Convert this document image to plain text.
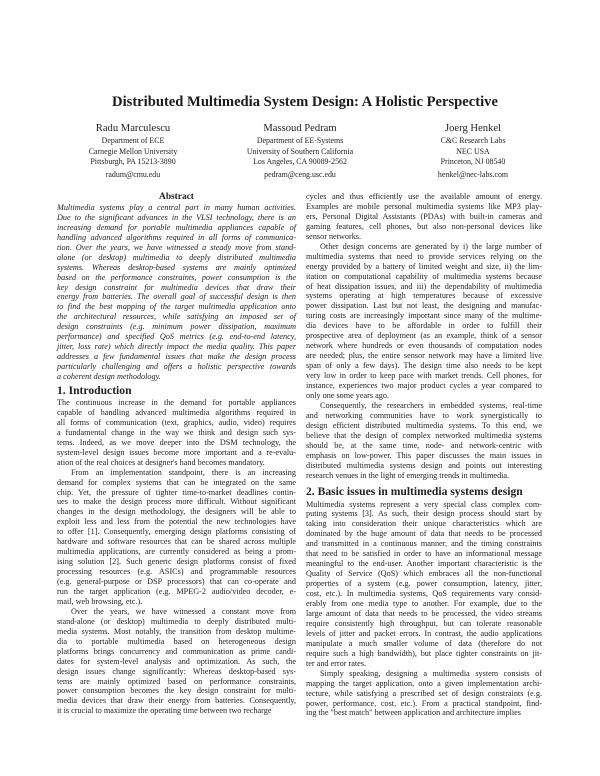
Distributed Multimedia System Design: A Holistic Perspective
Radu Marculescu
Department of ECE
Carnegie Mellon University
Pittsburgh, PA 15213-3890
radum@cmu.edu
Massoud Pedram
Department of EE-Systems
University of Southern California
Los Angeles, CA 90089-2562
pedram@ceng.usc.edu
Joerg Henkel
C&C Research Labs
NEC USA
Princeton, NJ 08540
henkel@nec-labs.com
Abstract
Multimedia systems play a central part in many human activities.
Due to the significant advances in the VLSI technology, there is an
increasing demand for portable multimedia appliances capable of
handling advanced algorithms required in all forms of communica-
tion. Over the years, we have witnessed a steady move from stand-
alone (or desktop) multimedia to deeply distributed multimedia
systems. Whereas desktop-based systems are mainly optimized
based on the performance constraints, power consumption is the
key design constraint for multimedia devices that draw their
energy from batteries. The overall goal of successful design is then
to find the best mapping of the target multimedia application onto
the architectural resources, while satisfying an imposed set of
design constraints (e.g. minimum power dissipation, maximum
performance) and specified QoS metrics (e.g. end-to-end latency,
jitter, loss rate) which directly impact the media quality. This paper
addresses a few fundamental issues that make the design process
particularly challenging and offers a holistic perspective towards
a coherent design methodology.
1. Introduction
The continuous increase in the demand for portable appliances
capable of handling advanced multimedia algorithms required in
all forms of communication (text, graphics, audio, video) requires
a fundamental change in the way we think and design such sys-
tems. Indeed, as we move deeper into the DSM technology, the
system-level design issues become more important and a re-evalu-
ation of the real choices at designer's hand becomes mandatory.
From an implementation standpoint, there is an increasing
demand for complex systems that can be integrated on the same
chip. Yet, the pressure of tighter time-to-market deadlines contin-
ues to make the design process more difficult. Without significant
changes in the design methodology, the designers will be able to
exploit less and less from the potential the new technologies have
to offer [1]. Consequently, emerging design platforms consisting of
hardware and software resources that can be shared across multiple
multimedia applications, are currently considered as being a prom-
ising solution [2]. Such generic design platforms consist of fixed
processing resources (e.g. ASICs) and programmable resources
(e.g. general-purpose or DSP processors) that can co-operate and
run the target application (e.g. MPEG-2 audio/video decoder, e-
mail, web browsing, etc.).
Over the years, we have witnessed a constant move from
stand-alone (or desktop) multimedia to deeply distributed multi-
media systems. Most notably, the transition from desktop multime-
dia to portable multimedia based on heterogeneous design
platforms brings concurrency and communication as prime candi-
dates for system-level analysis and optimization. As such, the
design issues change significantly: Whereas desktop-based sys-
tems are mainly optimized based on performance constraints,
power consumption becomes the key design constraint for multi-
media devices that draw their energy from batteries. Consequently,
it is crucial to maximize the operating time between two recharge
cycles and thus efficiently use the available amount of energy.
Examples are mobile personal multimedia systems like MP3 play-
ers, Personal Digital Assistants (PDAs) with built-in cameras and
gaming features, cell phones, but also non-personal devices like
sensor networks.
Other design concerns are generated by i) the large number of
multimedia systems that need to provide services relying on the
energy provided by a battery of limited weight and size, ii) the lim-
itation on computational capability of multimedia systems because
of heat dissipation issues, and iii) the dependability of multimedia
systems operating at high temperatures because of excessive
power dissipation. Last but not least, the designing and manufac-
turing costs are increasingly important since many of the multime-
dia devices have to be affordable in order to fulfill their
prospective area of deployment (as an example, think of a sensor
network where hundreds or even thousands of computation nodes
are needed; plus, the entire sensor network may have a limited live
span of only a few days). The design time also needs to be kept
very low in order to keep pace with market trends. Cell phones, for
instance, experiences two major product cycles a year compared to
only one some years ago.
Consequently, the researchers in embedded systems, real-time
and networking communities have to work synergistically to
design efficient distributed multimedia systems. To this end, we
believe that the design of complex networked multimedia systems
should be, at the same time, node- and network-centric with
emphasis on low-power. This paper discusses the main issues in
distributed multimedia systems design and points out interesting
research venues in the light of emerging trends in multimedia.
2. Basic issues in multimedia systems design
Multimedia systems represent a very special class complex com-
puting systems [3]. As such, their design process should start by
taking into consideration their unique characteristics which are
dominated by the huge amount of data that needs to be processed
and transmitted in a continuous manner, and the timing constraints
that need to be satisfied in order to have an informational message
meaningful to the end-user. Another important characteristic is the
Quality of Service (QoS) which embraces all the non-functional
properties of a system (e.g. power consumption, latency, jitter,
cost, etc.). In multimedia systems, QoS requirements vary consid-
erably from one media type to another. For example, due to the
large amount of data that needs to be processed, the video streams
require consistently high throughput, but can tolerate reasonable
levels of jitter and packet errors. In contrast, the audio applications
manipulate a much smaller volume of data (therefore do not
require such a high bandwidth), but place tighter constraints on jit-
ter and error rates.
Simply speaking, designing a multimedia system consists of
mapping the target application, onto a given implementation archi-
tecture, while satisfying a prescribed set of design constraints (e.g.
power, performance, cost, etc.). From a practical standpoint, find-
ing the "best match" between application and architecture implies
